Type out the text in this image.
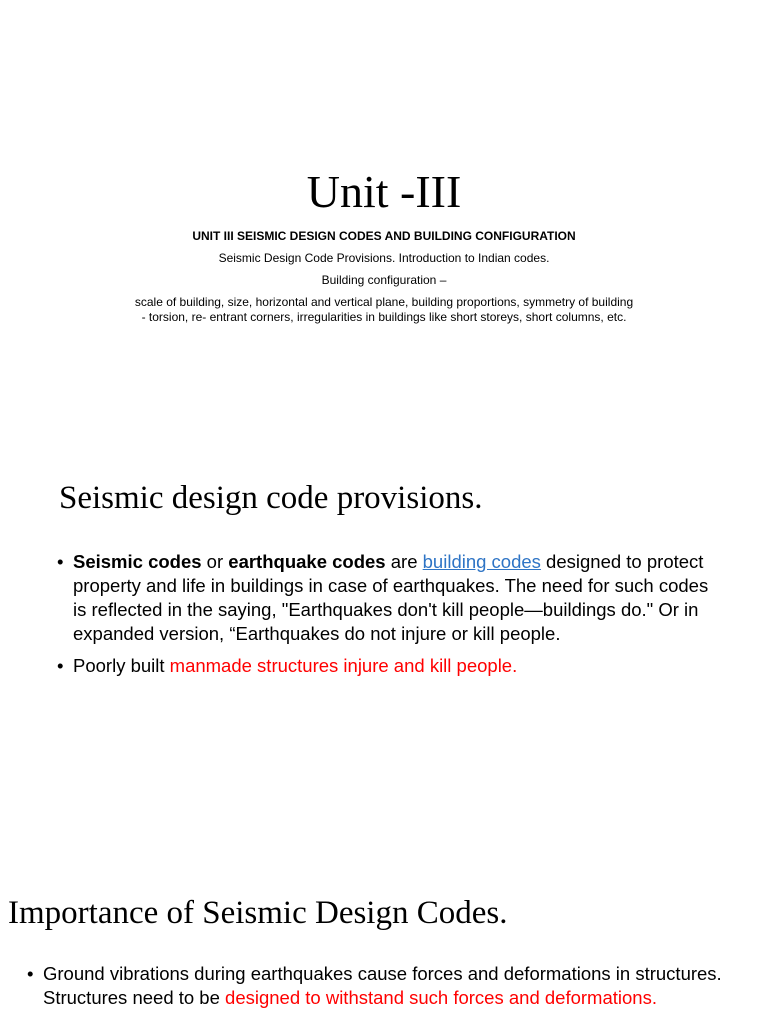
Unit -III
UNIT III SEISMIC DESIGN CODES AND BUILDING CONFIGURATION
Seismic Design Code Provisions. Introduction to Indian codes.
Building configuration –
scale of building, size, horizontal and vertical plane, building proportions, symmetry of building
- torsion, re- entrant corners, irregularities in buildings like short storeys, short columns, etc.
Seismic design code provisions.
• Seismic codes or earthquake codes are building codes designed to protect property and life in buildings in case of earthquakes. The need for such codes is reflected in the saying, "Earthquakes don't kill people—buildings do." Or in expanded version, “Earthquakes do not injure or kill people.
• Poorly built manmade structures injure and kill people.
Importance of Seismic Design Codes.
• Ground vibrations during earthquakes cause forces and deformations in structures. Structures need to be designed to withstand such forces and deformations.
